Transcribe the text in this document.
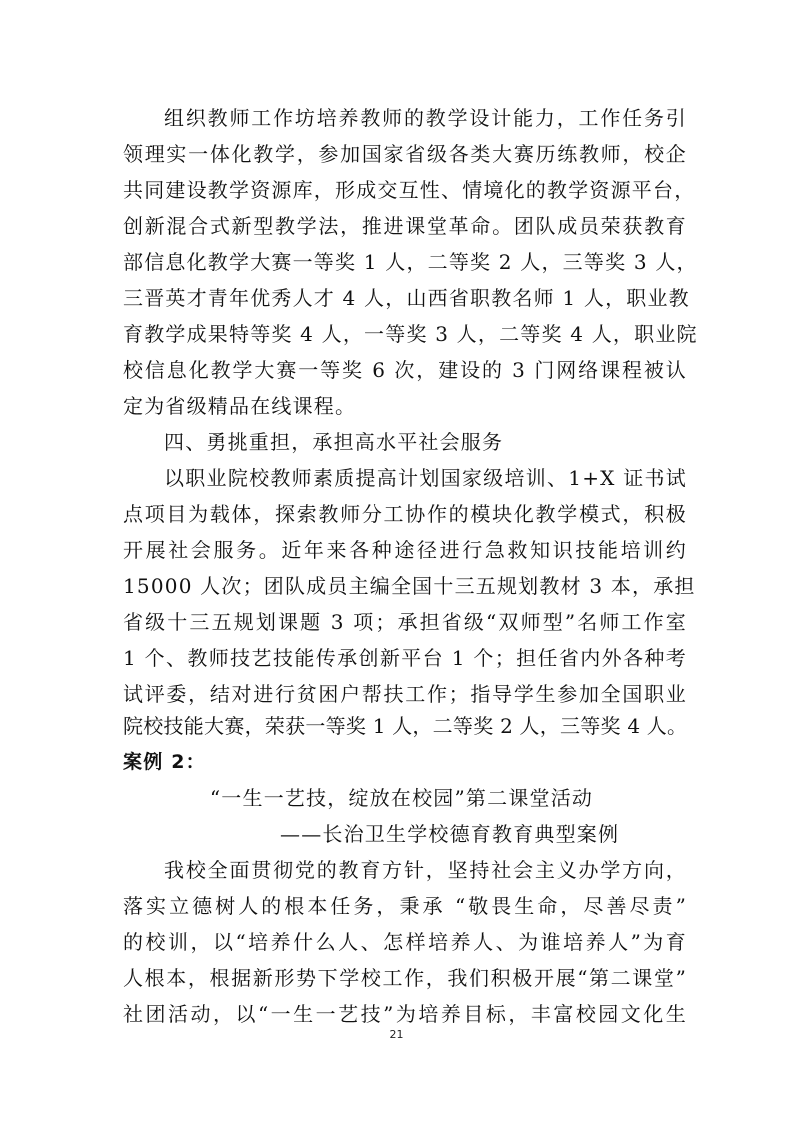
组织教师工作坊培养教师的教学设计能力，工作任务引
领理实一体化教学，参加国家省级各类大赛历练教师，校企
共同建设教学资源库，形成交互性、情境化的教学资源平台，
创新混合式新型教学法，推进课堂革命。团队成员荣获教育
部信息化教学大赛一等奖 1 人，二等奖 2 人，三等奖 3 人，
三晋英才青年优秀人才 4 人，山西省职教名师 1 人，职业教
育教学成果特等奖 4 人，一等奖 3 人，二等奖 4 人，职业院
校信息化教学大赛一等奖 6 次，建设的 3 门网络课程被认
定为省级精品在线课程。
四、勇挑重担，承担高水平社会服务
以职业院校教师素质提高计划国家级培训、1+X 证书试
点项目为载体，探索教师分工协作的模块化教学模式，积极
开展社会服务。近年来各种途径进行急救知识技能培训约
15000 人次；团队成员主编全国十三五规划教材 3 本，承担
省级十三五规划课题 3 项；承担省级“双师型”名师工作室
1 个、教师技艺技能传承创新平台 1 个；担任省内外各种考
试评委，结对进行贫困户帮扶工作；指导学生参加全国职业
院校技能大赛，荣获一等奖 1 人，二等奖 2 人，三等奖 4 人。
案例 2：
“一生一艺技，绽放在校园”第二课堂活动
——长治卫生学校德育教育典型案例
我校全面贯彻党的教育方针，坚持社会主义办学方向，
落实立德树人的根本任务，秉承 “敬畏生命，尽善尽责”
的校训，以“培养什么人、怎样培养人、为谁培养人”为育
人根本，根据新形势下学校工作，我们积极开展“第二课堂”
社团活动，以“一生一艺技”为培养目标，丰富校园文化生
21
